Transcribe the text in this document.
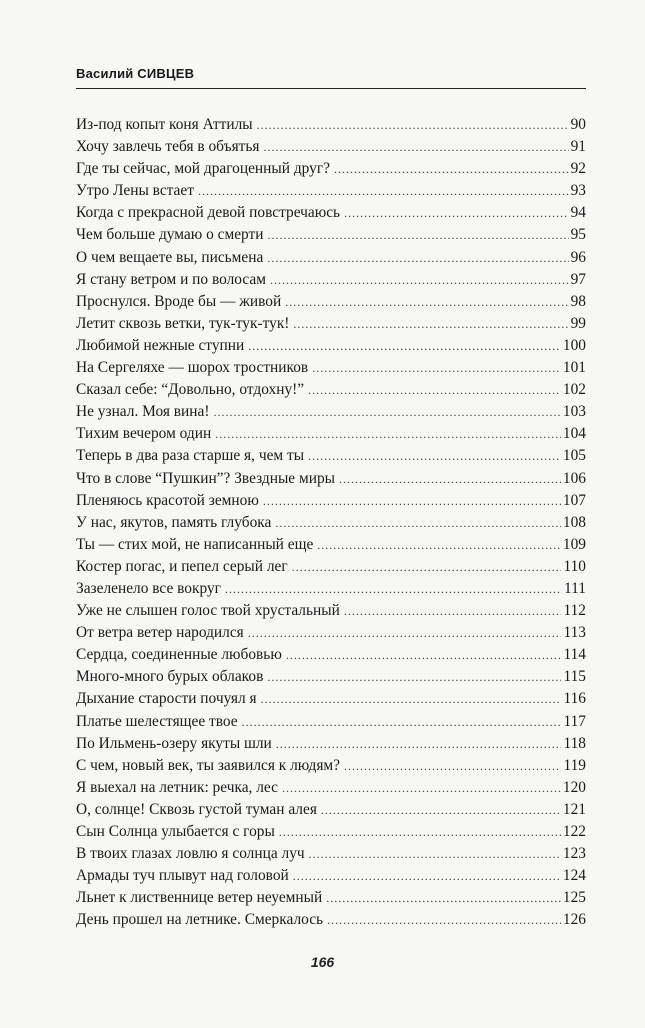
Василий СИВЦЕВ
Из-под копыт коня Аттилы .....	90
Хочу завлечь тебя в объятья .....	91
Где ты сейчас, мой драгоценный друг? .....	92
Утро Лены встает .....	93
Когда с прекрасной девой повстречаюсь .....	94
Чем больше думаю о смерти .....	95
О чем вещаете вы, письмена .....	96
Я стану ветром и по волосам .....	97
Проснулся. Вроде бы — живой .....	98
Летит сквозь ветки, тук-тук-тук! .....	99
Любимой нежные ступни .....	100
На Сергеляхе — шорох тростников .....	101
Сказал себе: “Довольно, отдохну!” .....	102
Не узнал. Моя вина! .....	103
Тихим вечером один .....	104
Теперь в два раза старше я, чем ты .....	105
Что в слове “Пушкин”? Звездные миры .....	106
Пленяюсь красотой земною .....	107
У нас, якутов, память глубока .....	108
Ты — стих мой, не написанный еще .....	109
Костер погас, и пепел серый лег .....	110
Зазеленело все вокруг .....	111
Уже не слышен голос твой хрустальный .....	112
От ветра ветер народился .....	113
Сердца, соединенные любовью .....	114
Много-много бурых облаков .....	115
Дыхание старости почуял я .....	116
Платье шелестящее твое .....	117
По Ильмень-озеру якуты шли .....	118
С чем, новый век, ты заявился к людям? .....	119
Я выехал на летник: речка, лес .....	120
О, солнце! Сквозь густой туман алея .....	121
Сын Солнца улыбается с горы .....	122
В твоих глазах ловлю я солнца луч .....	123
Армады туч плывут над головой .....	124
Льнет к лиственнице ветер неуемный .....	125
День прошел на летнике. Смеркалось .....	126
166
